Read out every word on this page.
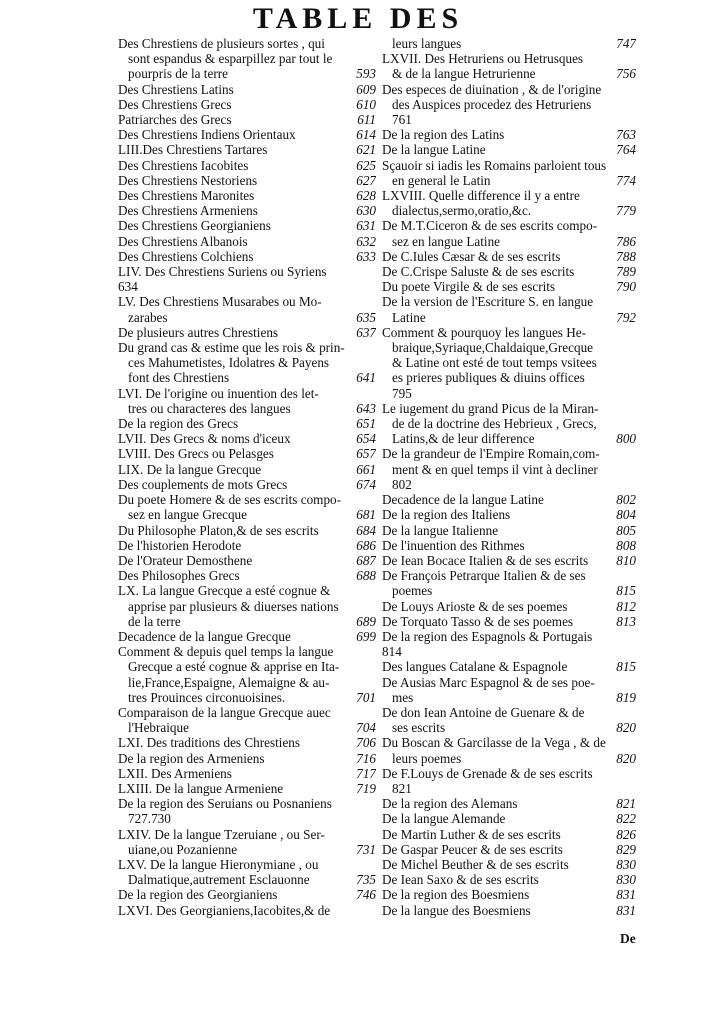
TABLE DES
Des Chrestiens de plusieurs sortes , qui
sont espandus & esparpillez par tout le
pourpris de la terre	593
Des Chrestiens Latins	609
Des Chrestiens Grecs	610
Patriarches des Grecs	611
Des Chrestiens Indiens Orientaux	614
LIII.Des Chrestiens Tartares	621
Des Chrestiens Iacobites	625
Des Chrestiens Nestoriens	627
Des Chrestiens Maronites	628
Des Chrestiens Armeniens	630
Des Chrestiens Georgianiens	631
Des Chrestiens Albanois	632
Des Chrestiens Colchiens	633
LIV. Des Chrestiens Suriens ou Syriens
634
LV. Des Chrestiens Musarabes ou Mo-
zarabes	635
De plusieurs autres Chrestiens	637
Du grand cas & estime que les rois & prin-
ces Mahumetistes, Idolatres & Payens
font des Chrestiens	641
LVI. De l'origine ou inuention des let-
tres ou characteres des langues	643
De la region des Grecs	651
LVII. Des Grecs & noms d'iceux	654
LVIII. Des Grecs ou Pelasges	657
LIX. De la langue Grecque	661
Des couplements de mots Grecs	674
Du poete Homere & de ses escrits compo-
sez en langue Grecque	681
Du Philosophe Platon,& de ses escrits	684
De l'historien Herodote	686
De l'Orateur Demosthene	687
Des Philosophes Grecs	688
LX. La langue Grecque a esté cognue &
apprise par plusieurs & diuerses nations
de la terre	689
Decadence de la langue Grecque	699
Comment & depuis quel temps la langue
Grecque a esté cognue & apprise en Ita-
lie,France,Espaigne, Alemaigne & au-
tres Prouinces circonuoisines.	701
Comparaison de la langue Grecque auec
l'Hebraique	704
LXI. Des traditions des Chrestiens	706
De la region des Armeniens	716
LXII. Des Armeniens	717
LXIII. De la langue Armeniene	719
De la region des Seruians ou Posnaniens
727.730
LXIV. De la langue Tzeruiane , ou Ser-
uiane,ou Pozanienne	731
LXV. De la langue Hieronymiane , ou
Dalmatique,autrement Esclauonne	735
De la region des Georgianiens	746
LXVI. Des Georgianiens,Iacobites,& de
leurs langues	747
LXVII. Des Hetruriens ou Hetrusques
& de la langue Hetrurienne	756
Des especes de diuination , & de l'origine
des Auspices procedez des Hetruriens
761
De la region des Latins	763
De la langue Latine	764
Sçauoir si iadis les Romains parloient tous
en general le Latin	774
LXVIII. Quelle difference il y a entre
dialectus,sermo,oratio,&c.	779
De M.T.Ciceron & de ses escrits compo-
sez en langue Latine	786
De C.Iules Cæsar & de ses escrits	788
De C.Crispe Saluste & de ses escrits	789
Du poete Virgile & de ses escrits	790
De la version de l'Escriture S. en langue
Latine	792
Comment & pourquoy les langues He-
braique,Syriaque,Chaldaique,Grecque
& Latine ont esté de tout temps vsitees
es prieres publiques & diuins offices
795
Le iugement du grand Picus de la Miran-
de de la doctrine des Hebrieux , Grecs,
Latins,& de leur difference	800
De la grandeur de l'Empire Romain,com-
ment & en quel temps il vint à decliner
802
Decadence de la langue Latine	802
De la region des Italiens	804
De la langue Italienne	805
De l'inuention des Rithmes	808
De Iean Bocace Italien & de ses escrits	810
De François Petrarque Italien & de ses
poemes	815
De Louys Arioste & de ses poemes	812
De Torquato Tasso & de ses poemes	813
De la region des Espagnols & Portugais
814
Des langues Catalane & Espagnole	815
De Ausias Marc Espagnol & de ses poe-
mes	819
De don Iean Antoine de Guenare & de
ses escrits	820
Du Boscan & Garcilasse de la Vega , & de
leurs poemes	820
De F.Louys de Grenade & de ses escrits
821
De la region des Alemans	821
De la langue Alemande	822
De Martin Luther & de ses escrits	826
De Gaspar Peucer & de ses escrits	829
De Michel Beuther & de ses escrits	830
De Iean Saxo & de ses escrits	830
De la region des Boesmiens	831
De la langue des Boesmiens	831
De
